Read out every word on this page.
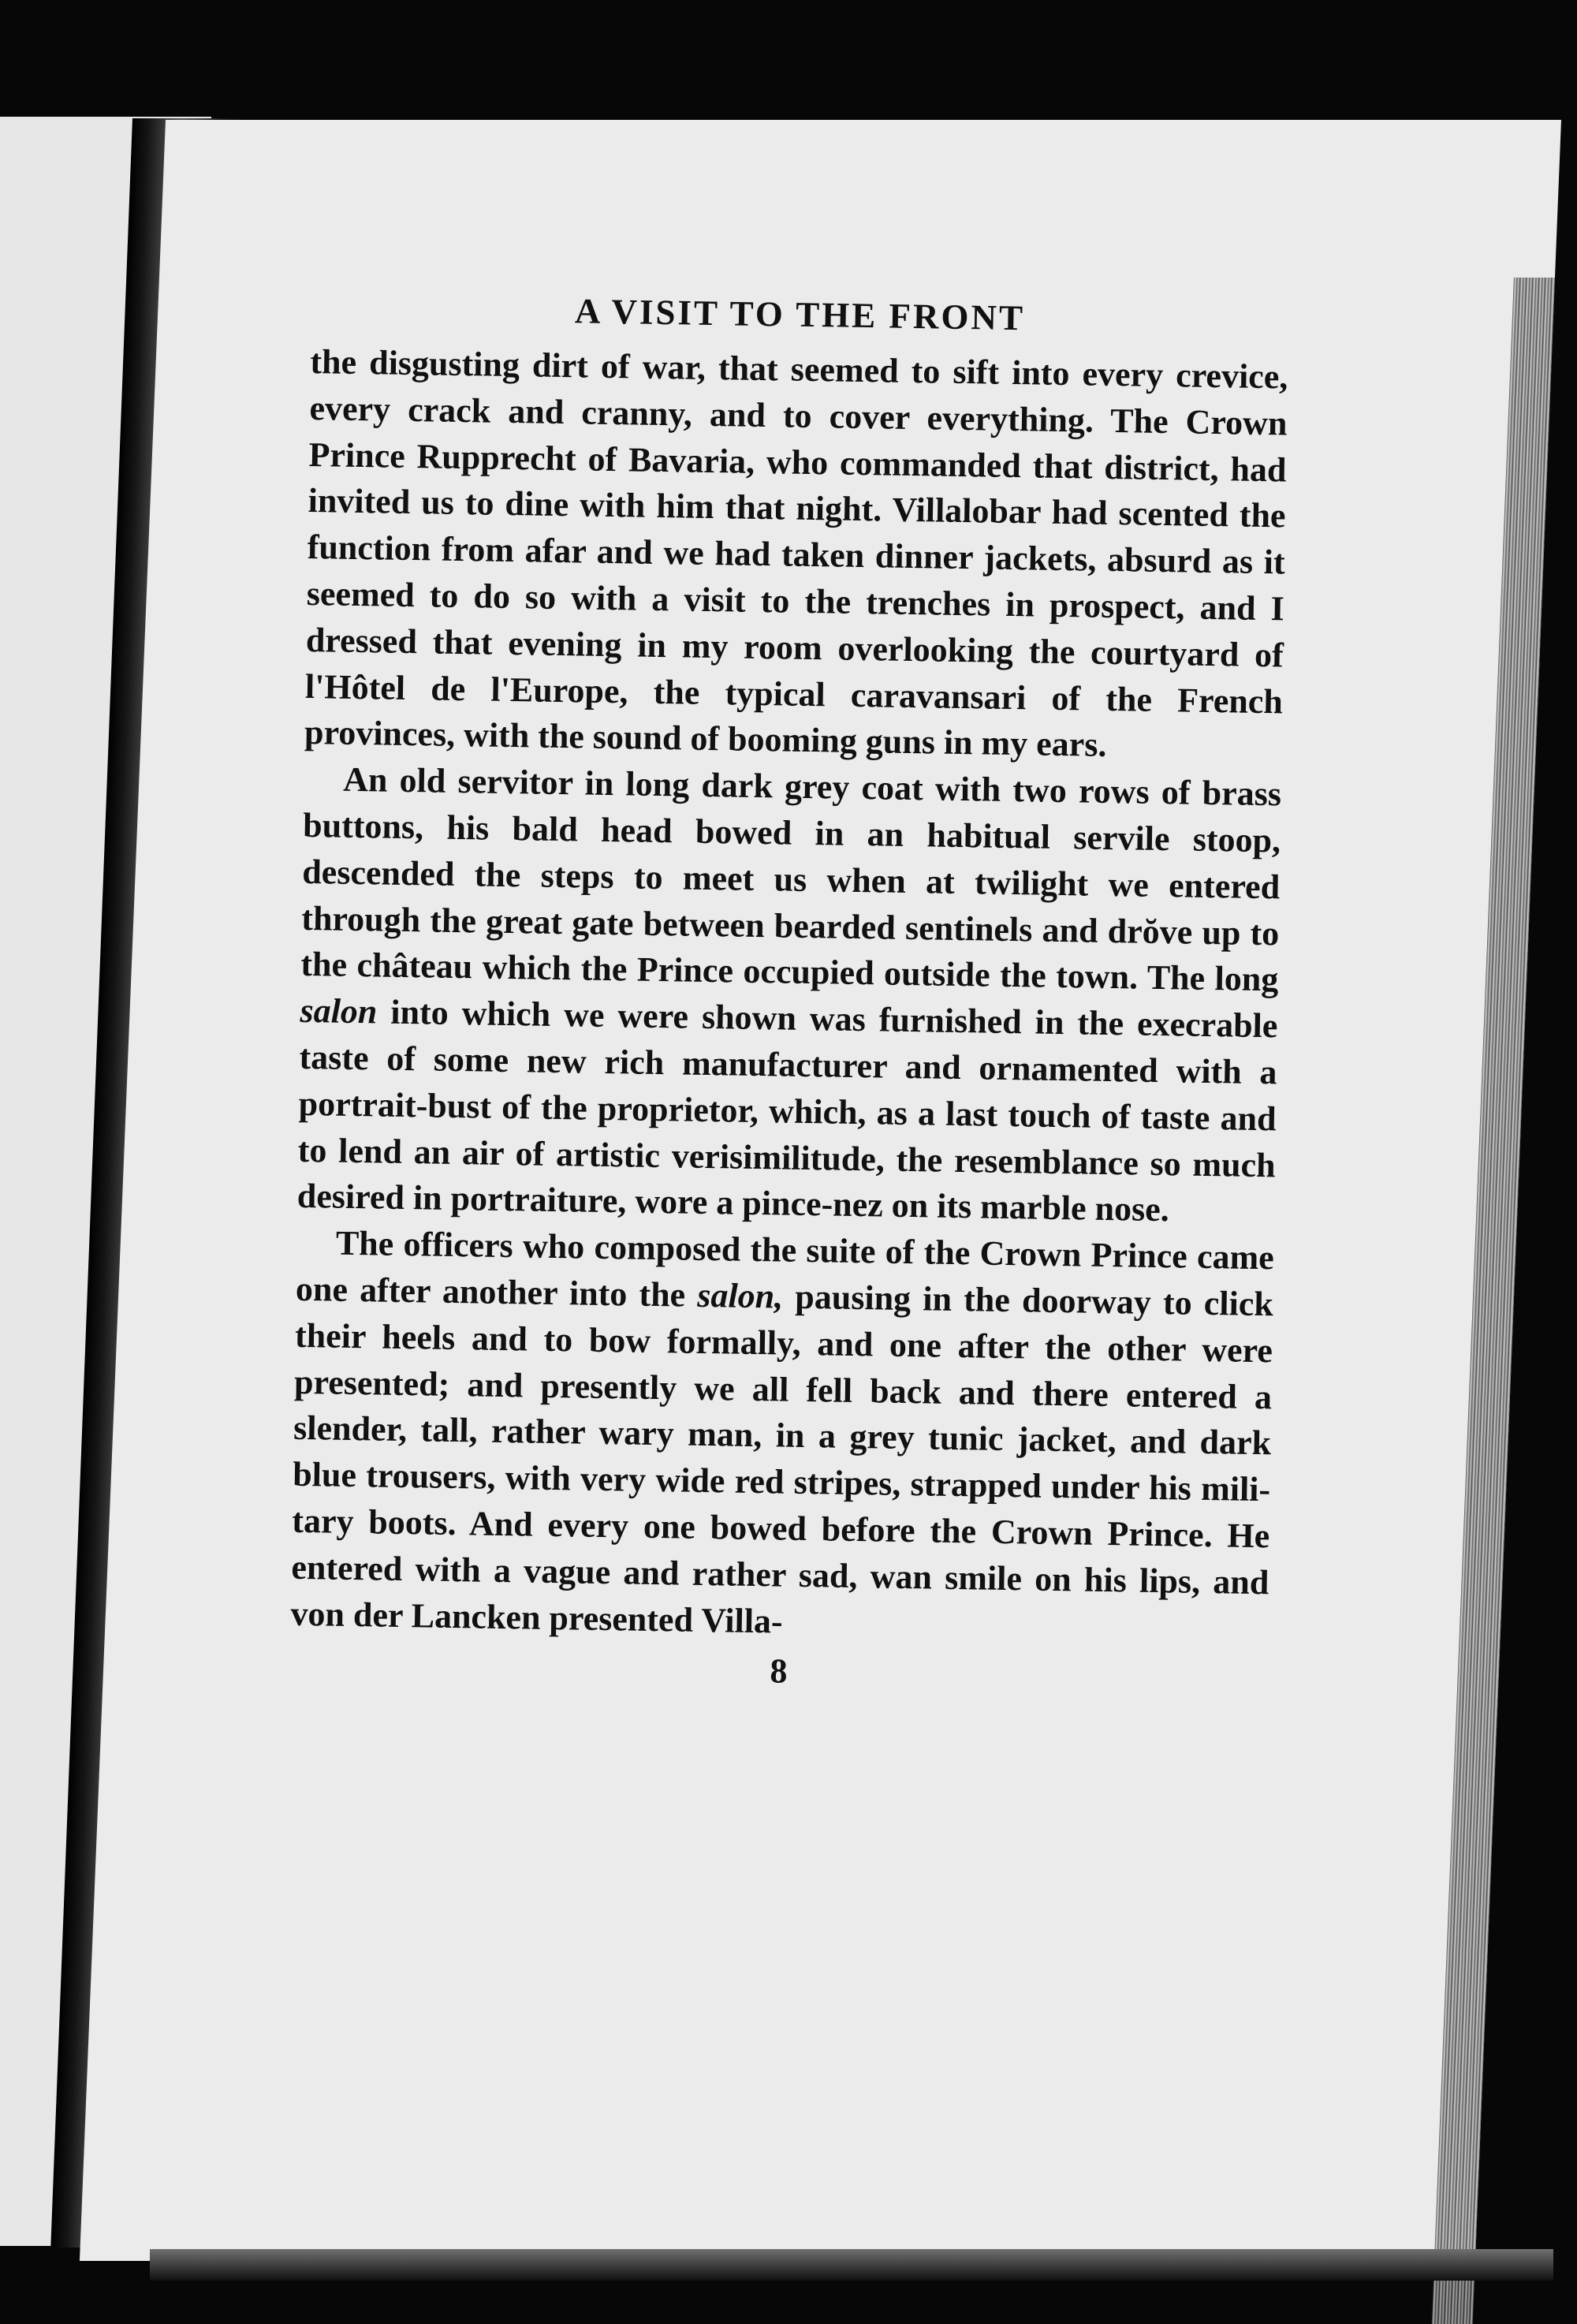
A VISIT TO THE FRONT

the disgusting dirt of war, that seemed to sift into every crevice, every crack and cranny, and to cover everything. The Crown Prince Rupprecht of Bavaria, who commanded that district, had invited us to dine with him that night. Villalobar had scented the function from afar and we had taken dinner jackets, absurd as it seemed to do so with a visit to the trenches in prospect, and I dressed that evening in my room overlooking the courtyard of l'Hôtel de l'Europe, the typical caravansari of the French provinces, with the sound of booming guns in my ears.

An old servitor in long dark grey coat with two rows of brass buttons, his bald head bowed in an habitual servile stoop, descended the steps to meet us when at twilight we entered through the great gate between bearded sentinels and drŏve up to the château which the Prince occupied outside the town. The long salon into which we were shown was furnished in the execrable taste of some new rich manufacturer and ornamented with a portrait-bust of the proprietor, which, as a last touch of taste and to lend an air of artistic verisimilitude, the resemblance so much desired in portraiture, wore a pince-nez on its marble nose.

The officers who composed the suite of the Crown Prince came one after another into the salon, pausing in the doorway to click their heels and to bow formally, and one after the other were presented; and presently we all fell back and there entered a slender, tall, rather wary man, in a grey tunic jacket, and dark blue trousers, with very wide red stripes, strapped under his military boots. And every one bowed before the Crown Prince. He entered with a vague and rather sad, wan smile on his lips, and von der Lancken presented Villa-

8
